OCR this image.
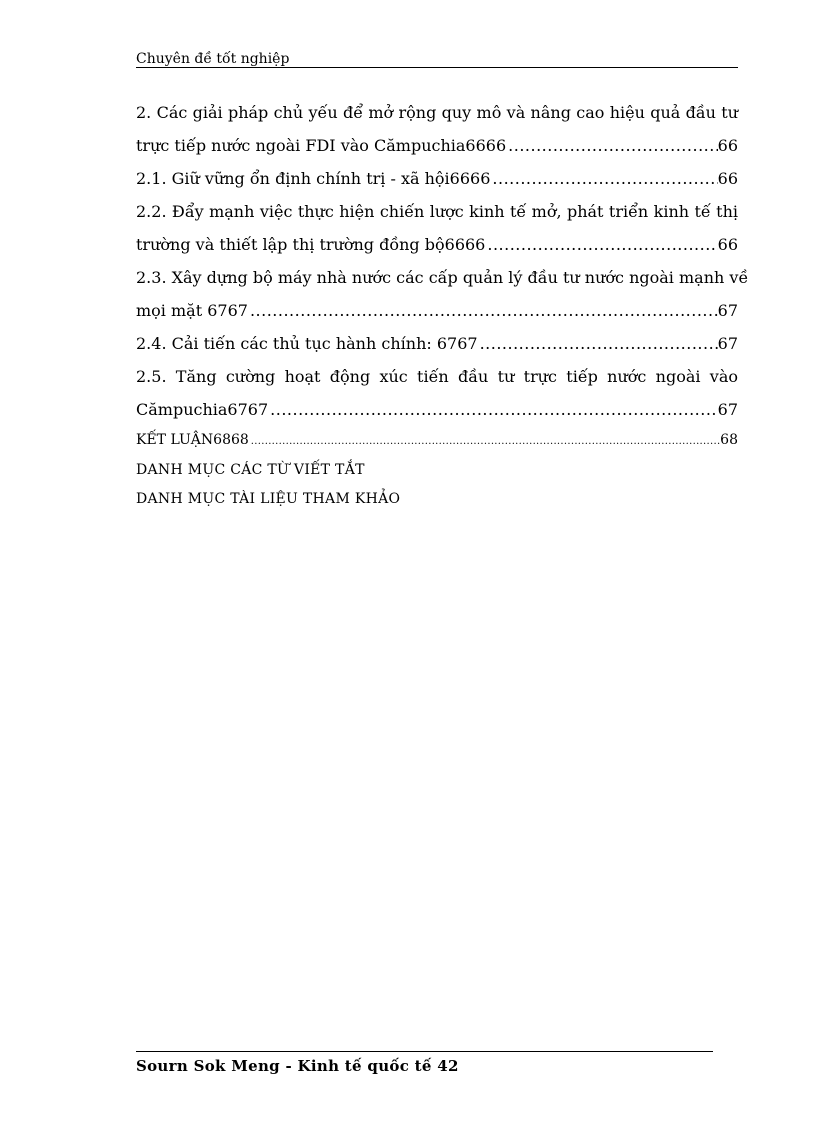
Chuyên đề tốt nghiệp
2. Các giải pháp chủ yếu để mở rộng quy mô và nâng cao hiệu quả đầu tư
trực tiếp nước ngoài FDI vào Cămpuchia6666 .....	66
2.1. Giữ vững ổn định chính trị - xã hội6666 .....	66
2.2. Đẩy mạnh việc thực hiện chiến lược kinh tế mở, phát triển kinh tế thị
trường và thiết lập thị trường đồng bộ6666 .....	66
2.3. Xây dựng bộ máy nhà nước các cấp quản lý đầu tư nước ngoài mạnh về
mọi mặt 6767 .....	67
2.4. Cải tiến các thủ tục hành chính: 6767 .....	67
2.5. Tăng cường hoạt động xúc tiến đầu tư trực tiếp nước ngoài vào
Cămpuchia6767 .....	67
KẾT LUẬN6868 .....	68
DANH MỤC CÁC TỪ VIẾT TẮT
DANH MỤC TÀI LIỆU THAM KHẢO
Sourn Sok Meng - Kinh tế quốc tế 42
